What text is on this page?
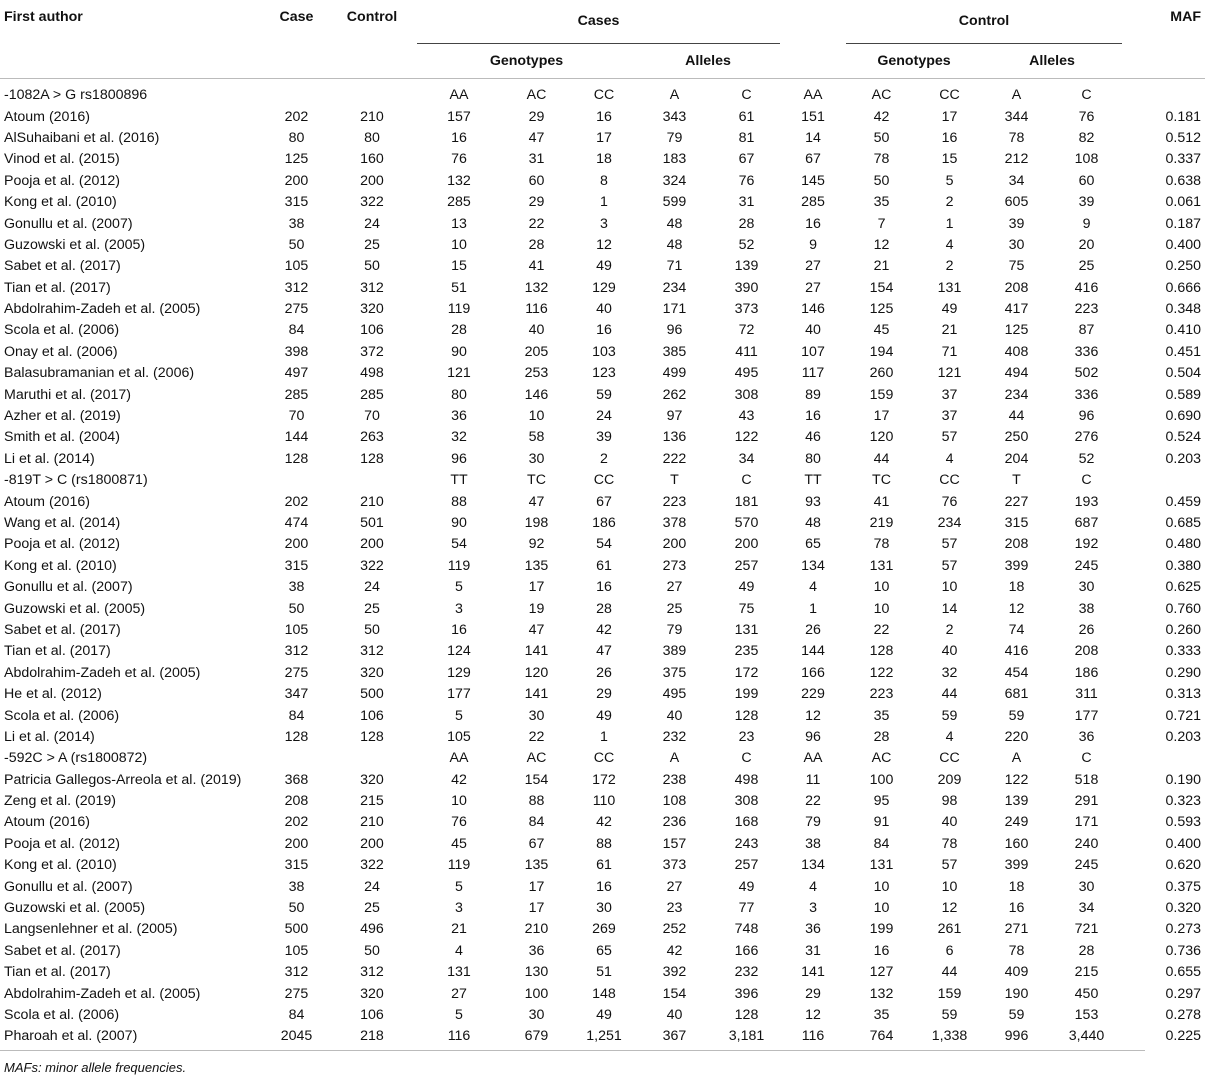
First author	Case	Control	Cases						Control				MAF
			Genotypes			Alleles			Genotypes		Alleles		

-1082A > G rs1800896			AA	AC	CC	A	C	AA	AC	CC	A	C	
Atoum (2016)	202	210	157	29	16	343	61	151	42	17	344	76	0.181
AlSuhaibani et al. (2016)	80	80	16	47	17	79	81	14	50	16	78	82	0.512
Vinod et al. (2015)	125	160	76	31	18	183	67	67	78	15	212	108	0.337
Pooja et al. (2012)	200	200	132	60	8	324	76	145	50	5	34	60	0.638
Kong et al. (2010)	315	322	285	29	1	599	31	285	35	2	605	39	0.061
Gonullu et al. (2007)	38	24	13	22	3	48	28	16	7	1	39	9	0.187
Guzowski et al. (2005)	50	25	10	28	12	48	52	9	12	4	30	20	0.400
Sabet et al. (2017)	105	50	15	41	49	71	139	27	21	2	75	25	0.250
Tian et al. (2017)	312	312	51	132	129	234	390	27	154	131	208	416	0.666
Abdolrahim-Zadeh et al. (2005)	275	320	119	116	40	171	373	146	125	49	417	223	0.348
Scola et al. (2006)	84	106	28	40	16	96	72	40	45	21	125	87	0.410
Onay et al. (2006)	398	372	90	205	103	385	411	107	194	71	408	336	0.451
Balasubramanian et al. (2006)	497	498	121	253	123	499	495	117	260	121	494	502	0.504
Maruthi et al. (2017)	285	285	80	146	59	262	308	89	159	37	234	336	0.589
Azher et al. (2019)	70	70	36	10	24	97	43	16	17	37	44	96	0.690
Smith et al. (2004)	144	263	32	58	39	136	122	46	120	57	250	276	0.524
Li et al. (2014)	128	128	96	30	2	222	34	80	44	4	204	52	0.203
-819T > C (rs1800871)			TT	TC	CC	T	C	TT	TC	CC	T	C	
Atoum (2016)	202	210	88	47	67	223	181	93	41	76	227	193	0.459
Wang et al. (2014)	474	501	90	198	186	378	570	48	219	234	315	687	0.685
Pooja et al. (2012)	200	200	54	92	54	200	200	65	78	57	208	192	0.480
Kong et al. (2010)	315	322	119	135	61	273	257	134	131	57	399	245	0.380
Gonullu et al. (2007)	38	24	5	17	16	27	49	4	10	10	18	30	0.625
Guzowski et al. (2005)	50	25	3	19	28	25	75	1	10	14	12	38	0.760
Sabet et al. (2017)	105	50	16	47	42	79	131	26	22	2	74	26	0.260
Tian et al. (2017)	312	312	124	141	47	389	235	144	128	40	416	208	0.333
Abdolrahim-Zadeh et al. (2005)	275	320	129	120	26	375	172	166	122	32	454	186	0.290
He et al. (2012)	347	500	177	141	29	495	199	229	223	44	681	311	0.313
Scola et al. (2006)	84	106	5	30	49	40	128	12	35	59	59	177	0.721
Li et al. (2014)	128	128	105	22	1	232	23	96	28	4	220	36	0.203
-592C > A (rs1800872)			AA	AC	CC	A	C	AA	AC	CC	A	C	
Patricia Gallegos-Arreola et al. (2019)	368	320	42	154	172	238	498	11	100	209	122	518	0.190
Zeng et al. (2019)	208	215	10	88	110	108	308	22	95	98	139	291	0.323
Atoum (2016)	202	210	76	84	42	236	168	79	91	40	249	171	0.593
Pooja et al. (2012)	200	200	45	67	88	157	243	38	84	78	160	240	0.400
Kong et al. (2010)	315	322	119	135	61	373	257	134	131	57	399	245	0.620
Gonullu et al. (2007)	38	24	5	17	16	27	49	4	10	10	18	30	0.375
Guzowski et al. (2005)	50	25	3	17	30	23	77	3	10	12	16	34	0.320
Langsenlehner et al. (2005)	500	496	21	210	269	252	748	36	199	261	271	721	0.273
Sabet et al. (2017)	105	50	4	36	65	42	166	31	16	6	78	28	0.736
Tian et al. (2017)	312	312	131	130	51	392	232	141	127	44	409	215	0.655
Abdolrahim-Zadeh et al. (2005)	275	320	27	100	148	154	396	29	132	159	190	450	0.297
Scola et al. (2006)	84	106	5	30	49	40	128	12	35	59	59	153	0.278
Pharoah et al. (2007)	2045	218	116	679	1,251	367	3,181	116	764	1,338	996	3,440	0.225
MAFs: minor allele frequencies.
